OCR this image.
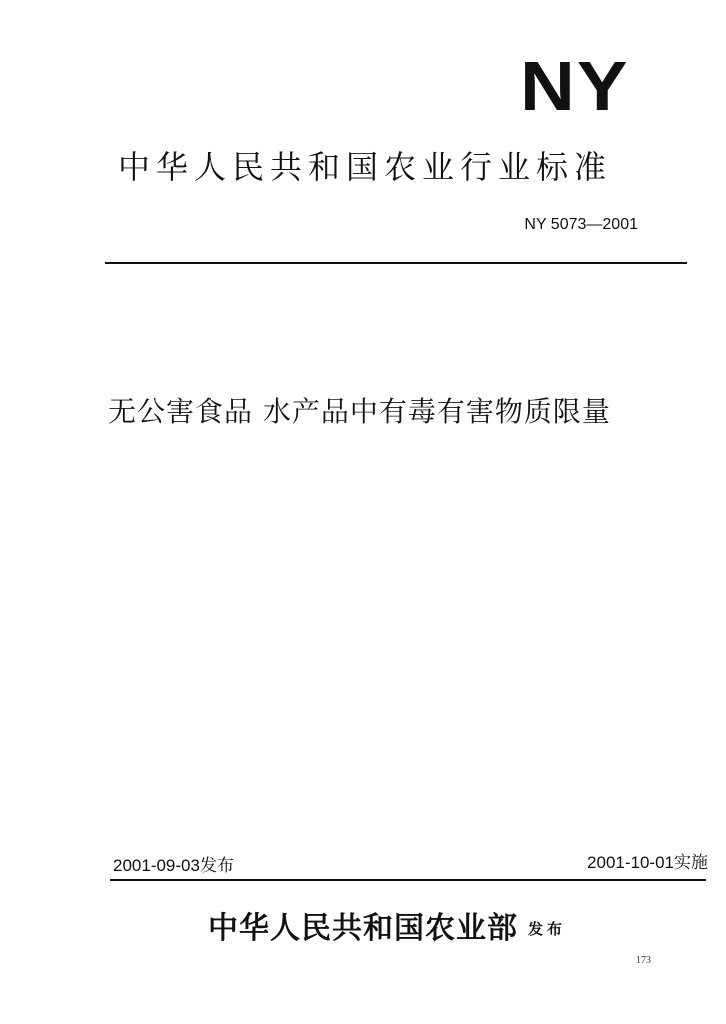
NY
中华人民共和国农业行业标准
NY 5073—2001
无公害食品 水产品中有毒有害物质限量
2001-09-03发布	2001-10-01实施
中华人民共和国农业部 发布
173
